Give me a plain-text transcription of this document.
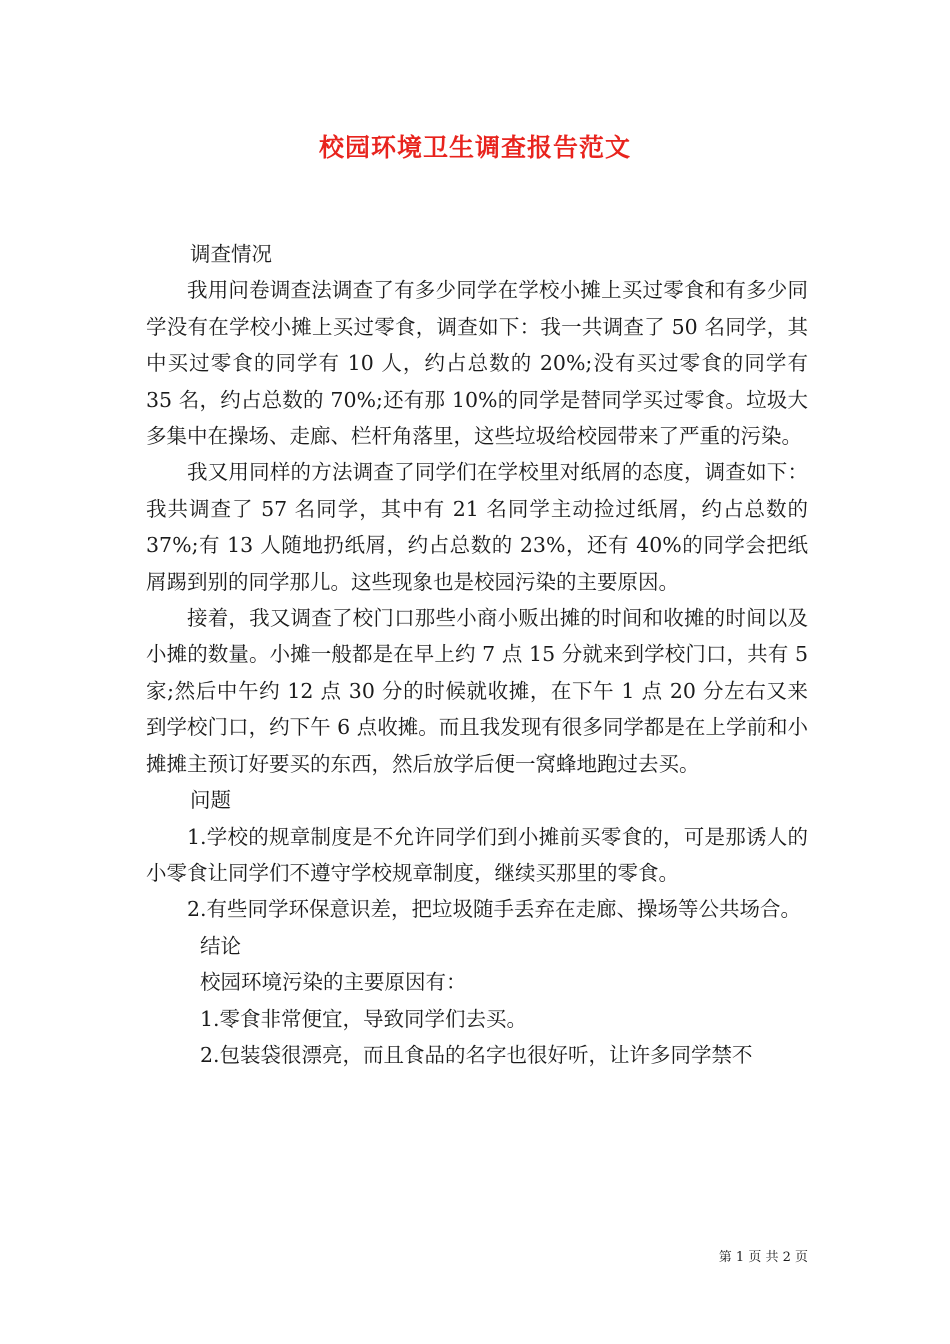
校园环境卫生调查报告范文

调查情况

我用问卷调查法调查了有多少同学在学校小摊上买过零食和有多少同学没有在学校小摊上买过零食，调查如下：我一共调查了 50 名同学，其中买过零食的同学有 10 人，约占总数的 20%;没有买过零食的同学有 35 名，约占总数的 70%;还有那 10%的同学是替同学买过零食。垃圾大多集中在操场、走廊、栏杆角落里，这些垃圾给校园带来了严重的污染。

我又用同样的方法调查了同学们在学校里对纸屑的态度，调查如下：我共调查了 57 名同学，其中有 21 名同学主动捡过纸屑，约占总数的 37%;有 13 人随地扔纸屑，约占总数的 23%，还有 40%的同学会把纸屑踢到别的同学那儿。这些现象也是校园污染的主要原因。

接着，我又调查了校门口那些小商小贩出摊的时间和收摊的时间以及小摊的数量。小摊一般都是在早上约 7 点 15 分就来到学校门口，共有 5 家;然后中午约 12 点 30 分的时候就收摊，在下午 1 点 20 分左右又来到学校门口，约下午 6 点收摊。而且我发现有很多同学都是在上学前和小摊摊主预订好要买的东西，然后放学后便一窝蜂地跑过去买。

问题

1.学校的规章制度是不允许同学们到小摊前买零食的，可是那诱人的小零食让同学们不遵守学校规章制度，继续买那里的零食。

2.有些同学环保意识差，把垃圾随手丢弃在走廊、操场等公共场合。

结论

校园环境污染的主要原因有：

1.零食非常便宜，导致同学们去买。

2.包装袋很漂亮，而且食品的名字也很好听，让许多同学禁不

第 1 页 共 2 页
